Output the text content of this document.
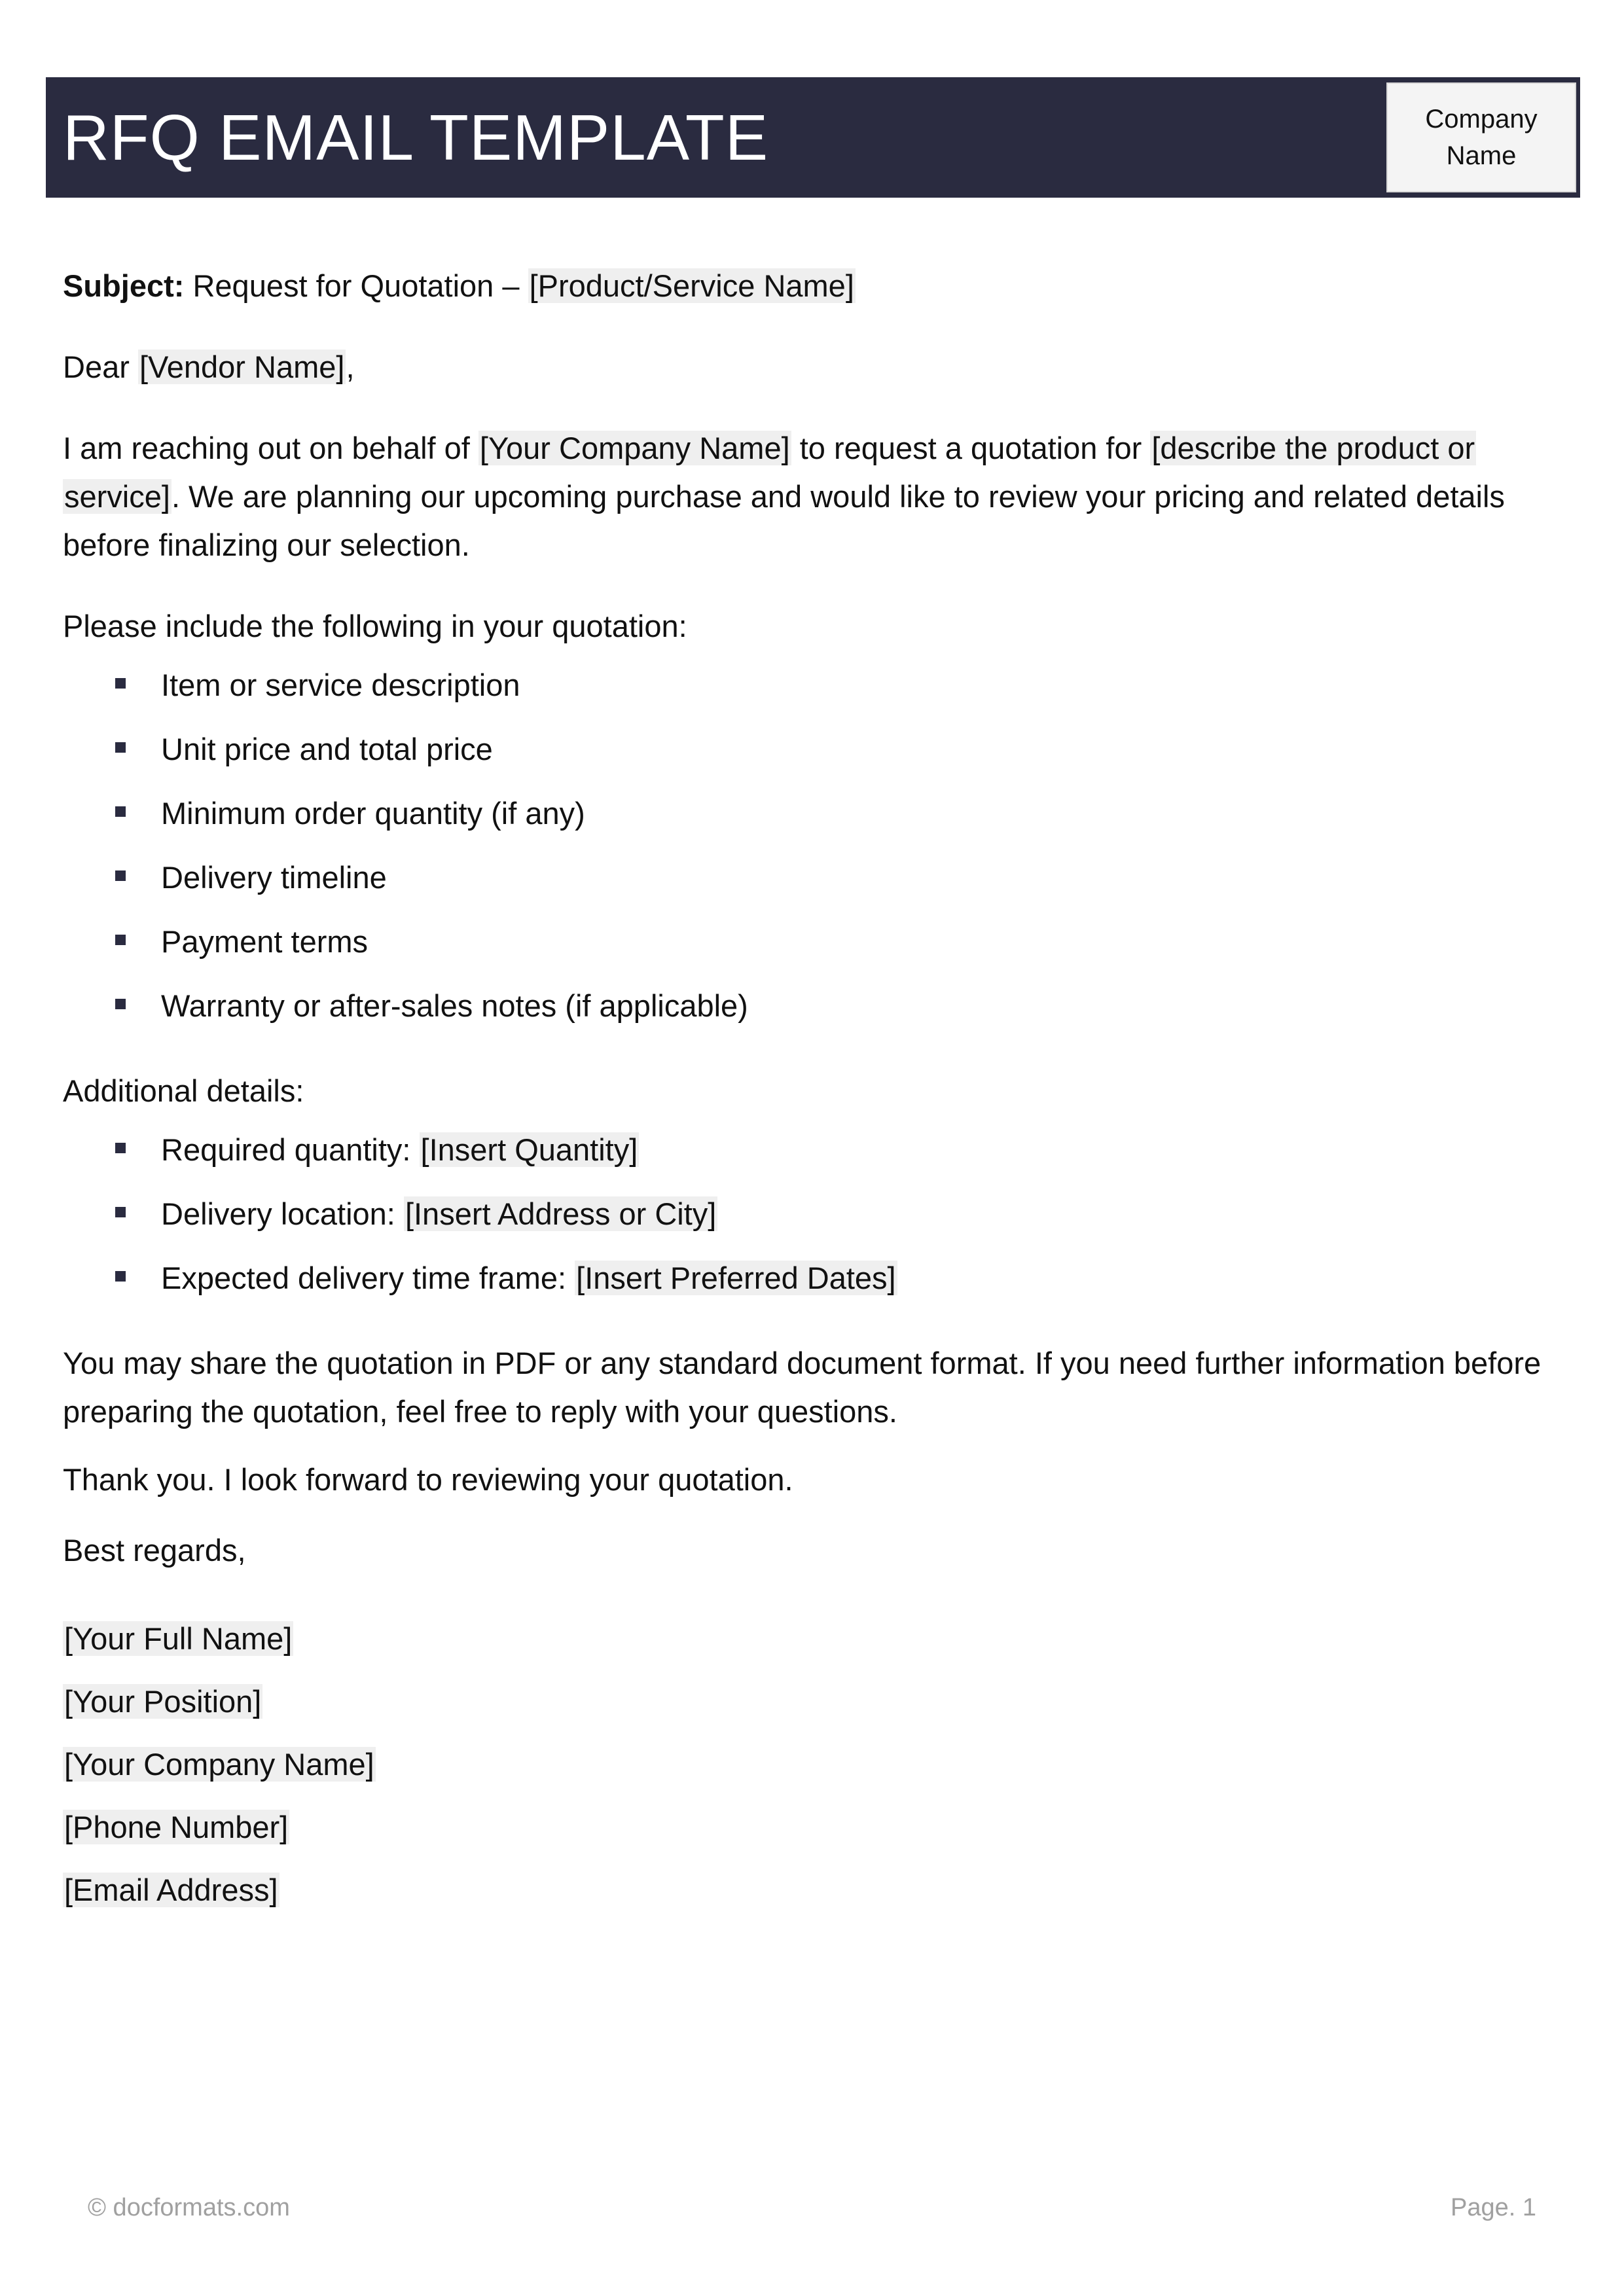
RFQ EMAIL TEMPLATE	Company
Name

Subject: Request for Quotation – [Product/Service Name]

Dear [Vendor Name],

I am reaching out on behalf of [Your Company Name] to request a quotation for [describe the product or
service]. We are planning our upcoming purchase and would like to review your pricing and related details before finalizing our selection.

Please include the following in your quotation:

Item or service description
Unit price and total price
Minimum order quantity (if any)
Delivery timeline
Payment terms
Warranty or after-sales notes (if applicable)

Additional details:

Required quantity: [Insert Quantity]
Delivery location: [Insert Address or City]
Expected delivery time frame: [Insert Preferred Dates]

You may share the quotation in PDF or any standard document format. If you need further information before preparing the quotation, feel free to reply with your questions.

Thank you. I look forward to reviewing your quotation.

Best regards,

[Your Full Name]
[Your Position]
[Your Company Name]
[Phone Number]
[Email Address]
© docformats.com	Page. 1
